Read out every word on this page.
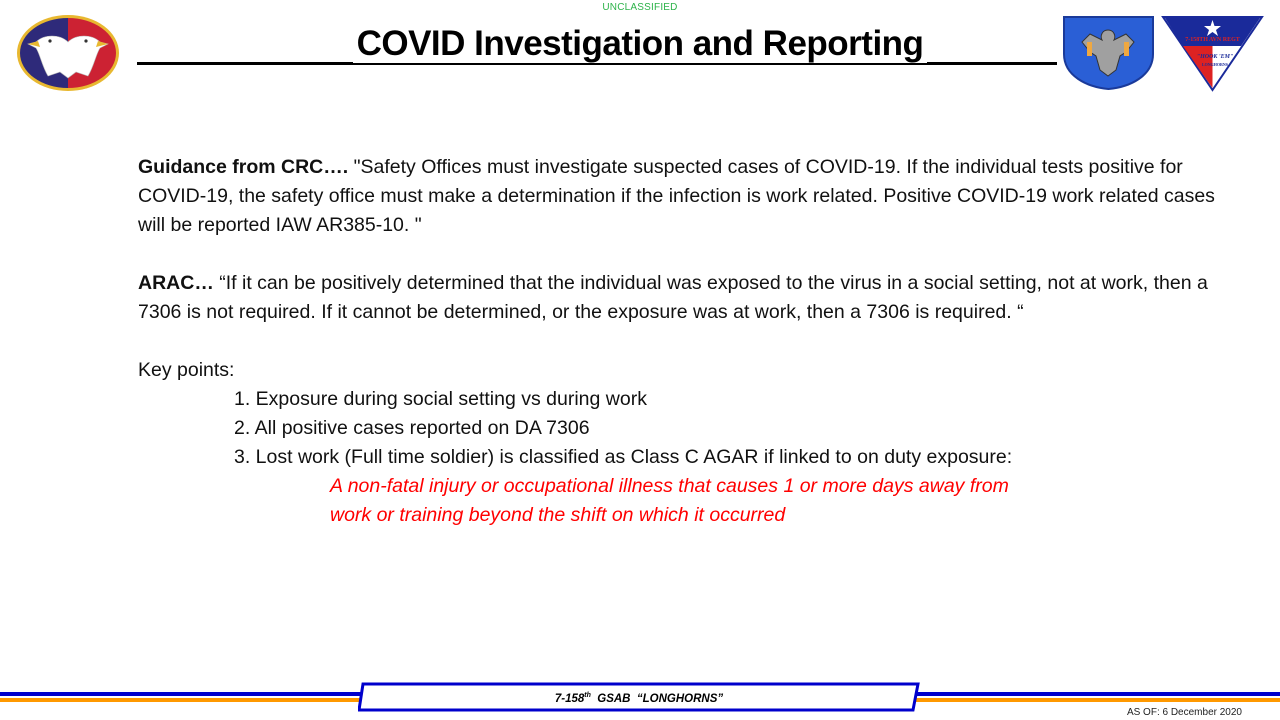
UNCLASSIFIED
COVID Investigation and Reporting	7-158TH AVN REGT
"HOOK 'EM"
LONGHORNS

Guidance from CRC…. "Safety Offices must investigate suspected cases of COVID-19. If the individual tests positive for COVID-19, the safety office must make a determination if the infection is work related. Positive COVID-19 work related cases will be reported IAW AR385-10. "

ARAC… “If it can be positively determined that the individual was exposed to the virus in a social setting, not at work, then a 7306 is not required. If it cannot be determined, or the exposure was at work, then a 7306 is required. “

Key points:

1. Exposure during social setting vs during work
2. All positive cases reported on DA 7306
3. Lost work (Full time soldier) is classified as Class C AGAR if linked to on duty exposure:

A non-fatal injury or occupational illness that causes 1 or more days away from work or training beyond the shift on which it occurred

7-158th  GSAB  “LONGHORNS”
AS OF: 6 December 2020
